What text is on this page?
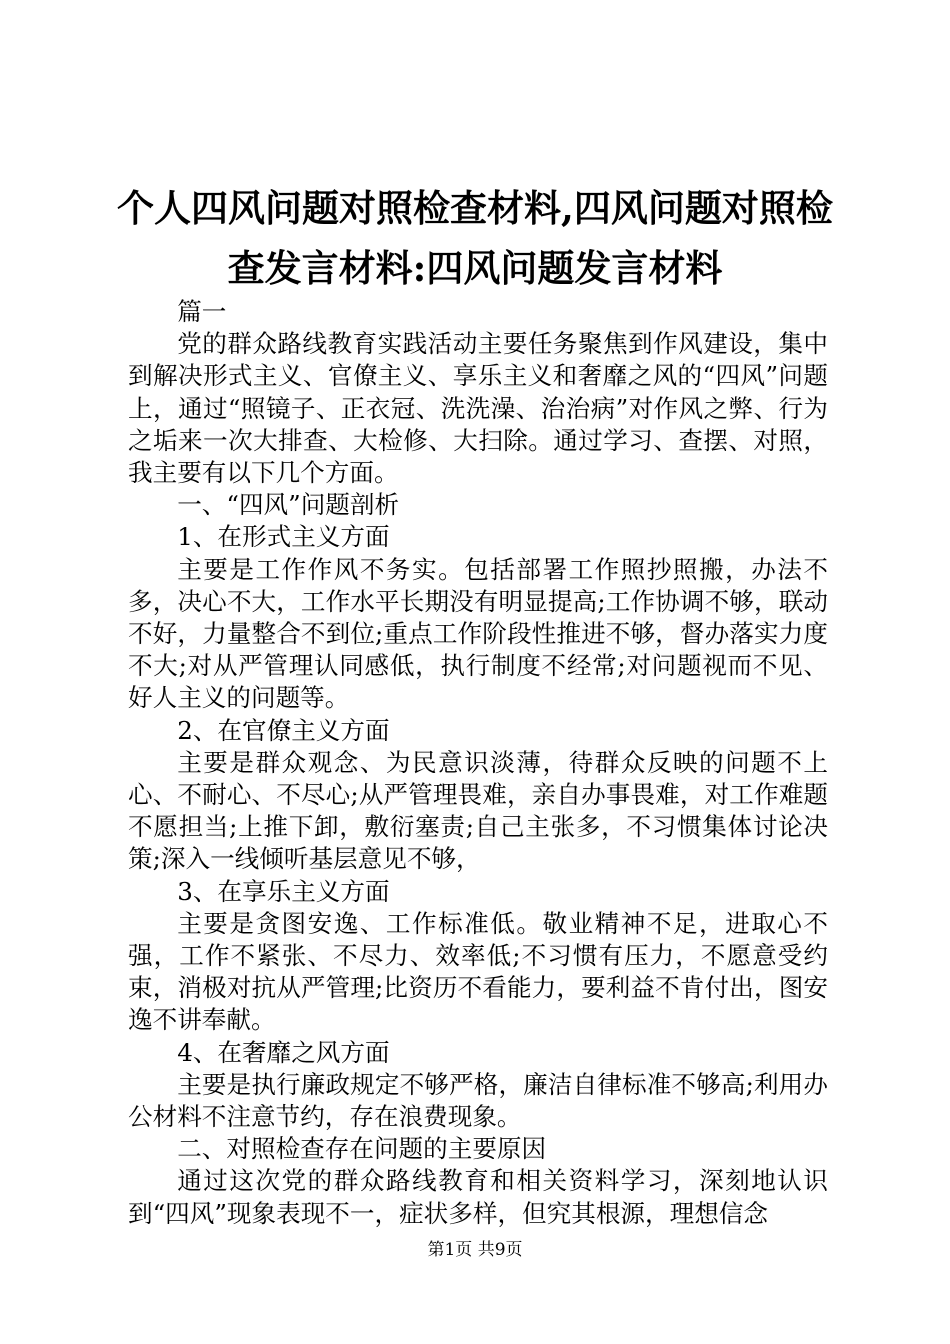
个人四风问题对照检查材料,四风问题对照检
查发言材料:四风问题发言材料

篇一

党的群众路线教育实践活动主要任务聚焦到作风建设，集中到解决形式主义、官僚主义、享乐主义和奢靡之风的“四风”问题上，通过“照镜子、正衣冠、洗洗澡、治治病”对作风之弊、行为之垢来一次大排查、大检修、大扫除。通过学习、查摆、对照，我主要有以下几个方面。

一、“四风”问题剖析

1、在形式主义方面

主要是工作作风不务实。包括部署工作照抄照搬，办法不多，决心不大，工作水平长期没有明显提高;工作协调不够，联动不好，力量整合不到位;重点工作阶段性推进不够，督办落实力度不大;对从严管理认同感低，执行制度不经常;对问题视而不见、好人主义的问题等。

2、在官僚主义方面

主要是群众观念、为民意识淡薄，待群众反映的问题不上心、不耐心、不尽心;从严管理畏难，亲自办事畏难，对工作难题不愿担当;上推下卸，敷衍塞责;自己主张多，不习惯集体讨论决策;深入一线倾听基层意见不够，

3、在享乐主义方面

主要是贪图安逸、工作标准低。敬业精神不足，进取心不强，工作不紧张、不尽力、效率低;不习惯有压力，不愿意受约束，消极对抗从严管理;比资历不看能力，要利益不肯付出，图安逸不讲奉献。

4、在奢靡之风方面

主要是执行廉政规定不够严格，廉洁自律标准不够高;利用办公材料不注意节约，存在浪费现象。

二、对照检查存在问题的主要原因

通过这次党的群众路线教育和相关资料学习，深刻地认识到“四风”现象表现不一，症状多样，但究其根源，理想信念

第1页 共9页
